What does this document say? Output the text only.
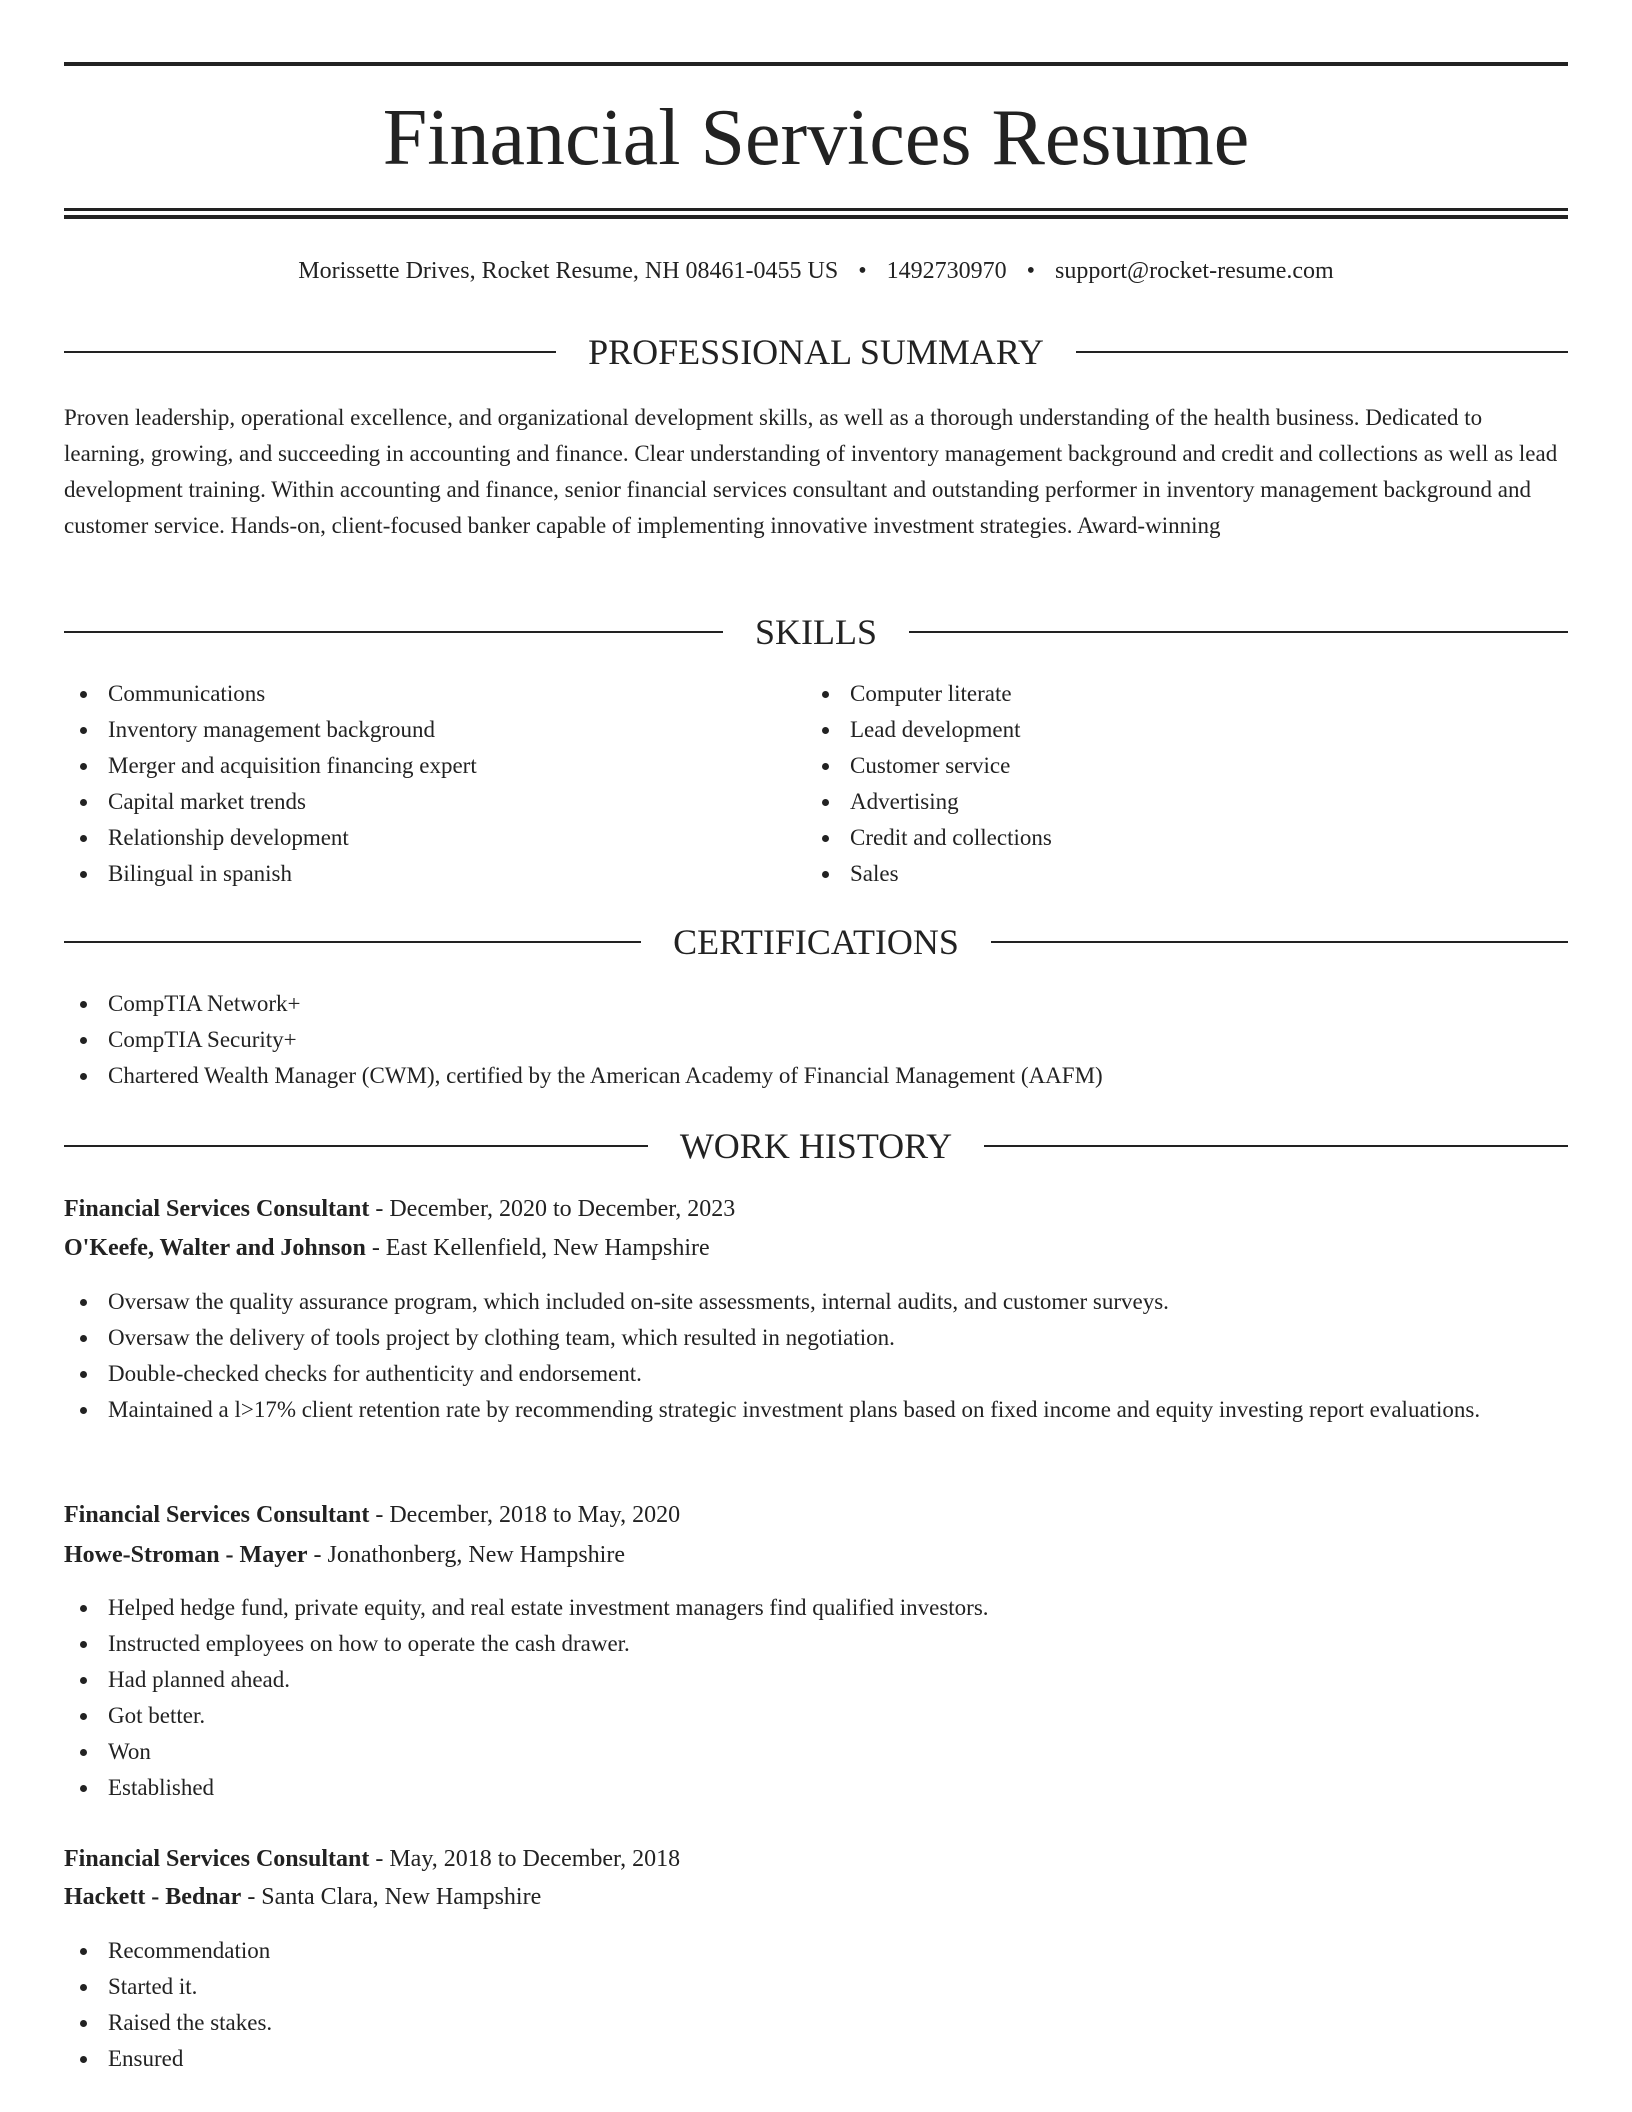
Financial Services Resume
Morissette Drives, Rocket Resume, NH 08461-0455 US • 1492730970 • support@rocket-resume.com
PROFESSIONAL SUMMARY

Proven leadership, operational excellence, and organizational development skills, as well as a thorough understanding of the health business. Dedicated to learning, growing, and succeeding in accounting and finance. Clear understanding of inventory management background and credit and collections as well as lead development training. Within accounting and finance, senior financial services consultant and outstanding performer in inventory management background and customer service. Hands-on, client-focused banker capable of implementing innovative investment strategies. Award-winning

SKILLS
Communications
Inventory management background
Merger and acquisition financing expert
Capital market trends
Relationship development
Bilingual in spanish
Computer literate
Lead development
Customer service
Advertising
Credit and collections
Sales
CERTIFICATIONS
CompTIA Network+
CompTIA Security+
Chartered Wealth Manager (CWM), certified by the American Academy of Financial Management (AAFM)
WORK HISTORY
Financial Services Consultant - December, 2020 to December, 2023
O'Keefe, Walter and Johnson - East Kellenfield, New Hampshire
Oversaw the quality assurance program, which included on-site assessments, internal audits, and customer surveys.
Oversaw the delivery of tools project by clothing team, which resulted in negotiation.
Double-checked checks for authenticity and endorsement.
Maintained a l>17% client retention rate by recommending strategic investment plans based on fixed income and equity investing report evaluations.
Financial Services Consultant - December, 2018 to May, 2020
Howe-Stroman - Mayer - Jonathonberg, New Hampshire
Helped hedge fund, private equity, and real estate investment managers find qualified investors.
Instructed employees on how to operate the cash drawer.
Had planned ahead.
Got better.
Won
Established
Financial Services Consultant - May, 2018 to December, 2018
Hackett - Bednar - Santa Clara, New Hampshire
Recommendation
Started it.
Raised the stakes.
Ensured
